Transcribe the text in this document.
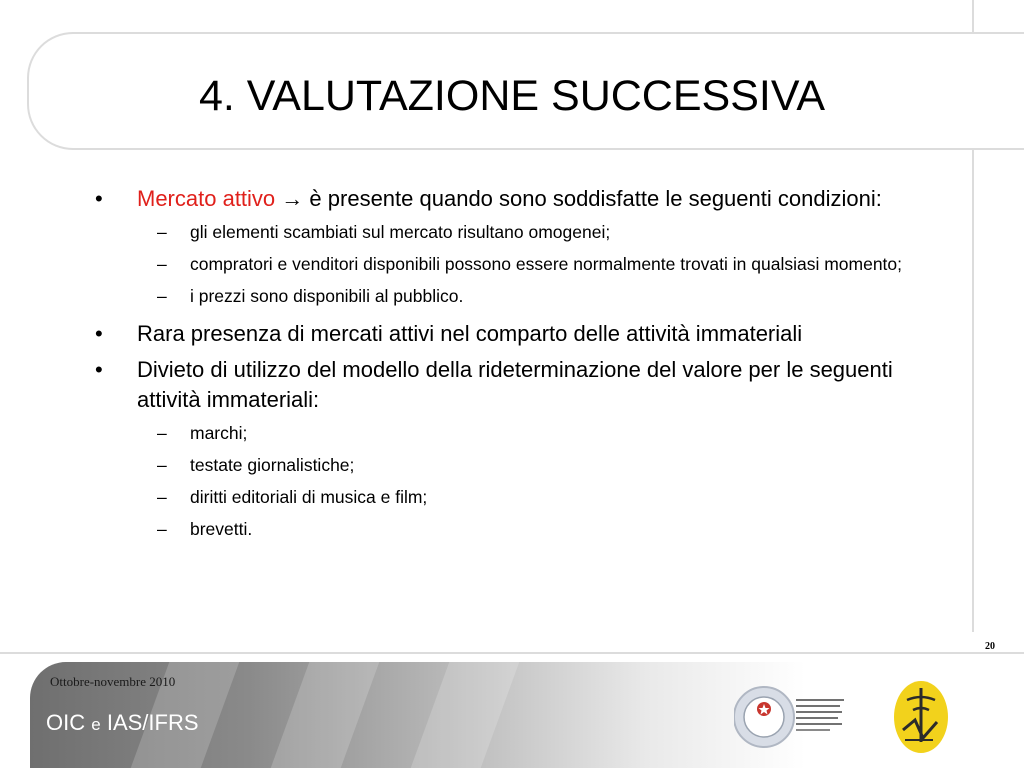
4. VALUTAZIONE SUCCESSIVA
• Mercato attivo → è presente quando sono soddisfatte le seguenti condizioni:
– gli elementi scambiati sul mercato risultano omogenei;
– compratori e venditori disponibili possono essere normalmente trovati in qualsiasi momento;
– i prezzi sono disponibili al pubblico.
• Rara presenza di mercati attivi nel comparto delle attività immateriali
• Divieto di utilizzo del modello della rideterminazione del valore per le seguenti attività immateriali:
– marchi;
– testate giornalistiche;
– diritti editoriali di musica e film;
– brevetti.
20
Ottobre-novembre 2010
OIC e IAS/IFRS
